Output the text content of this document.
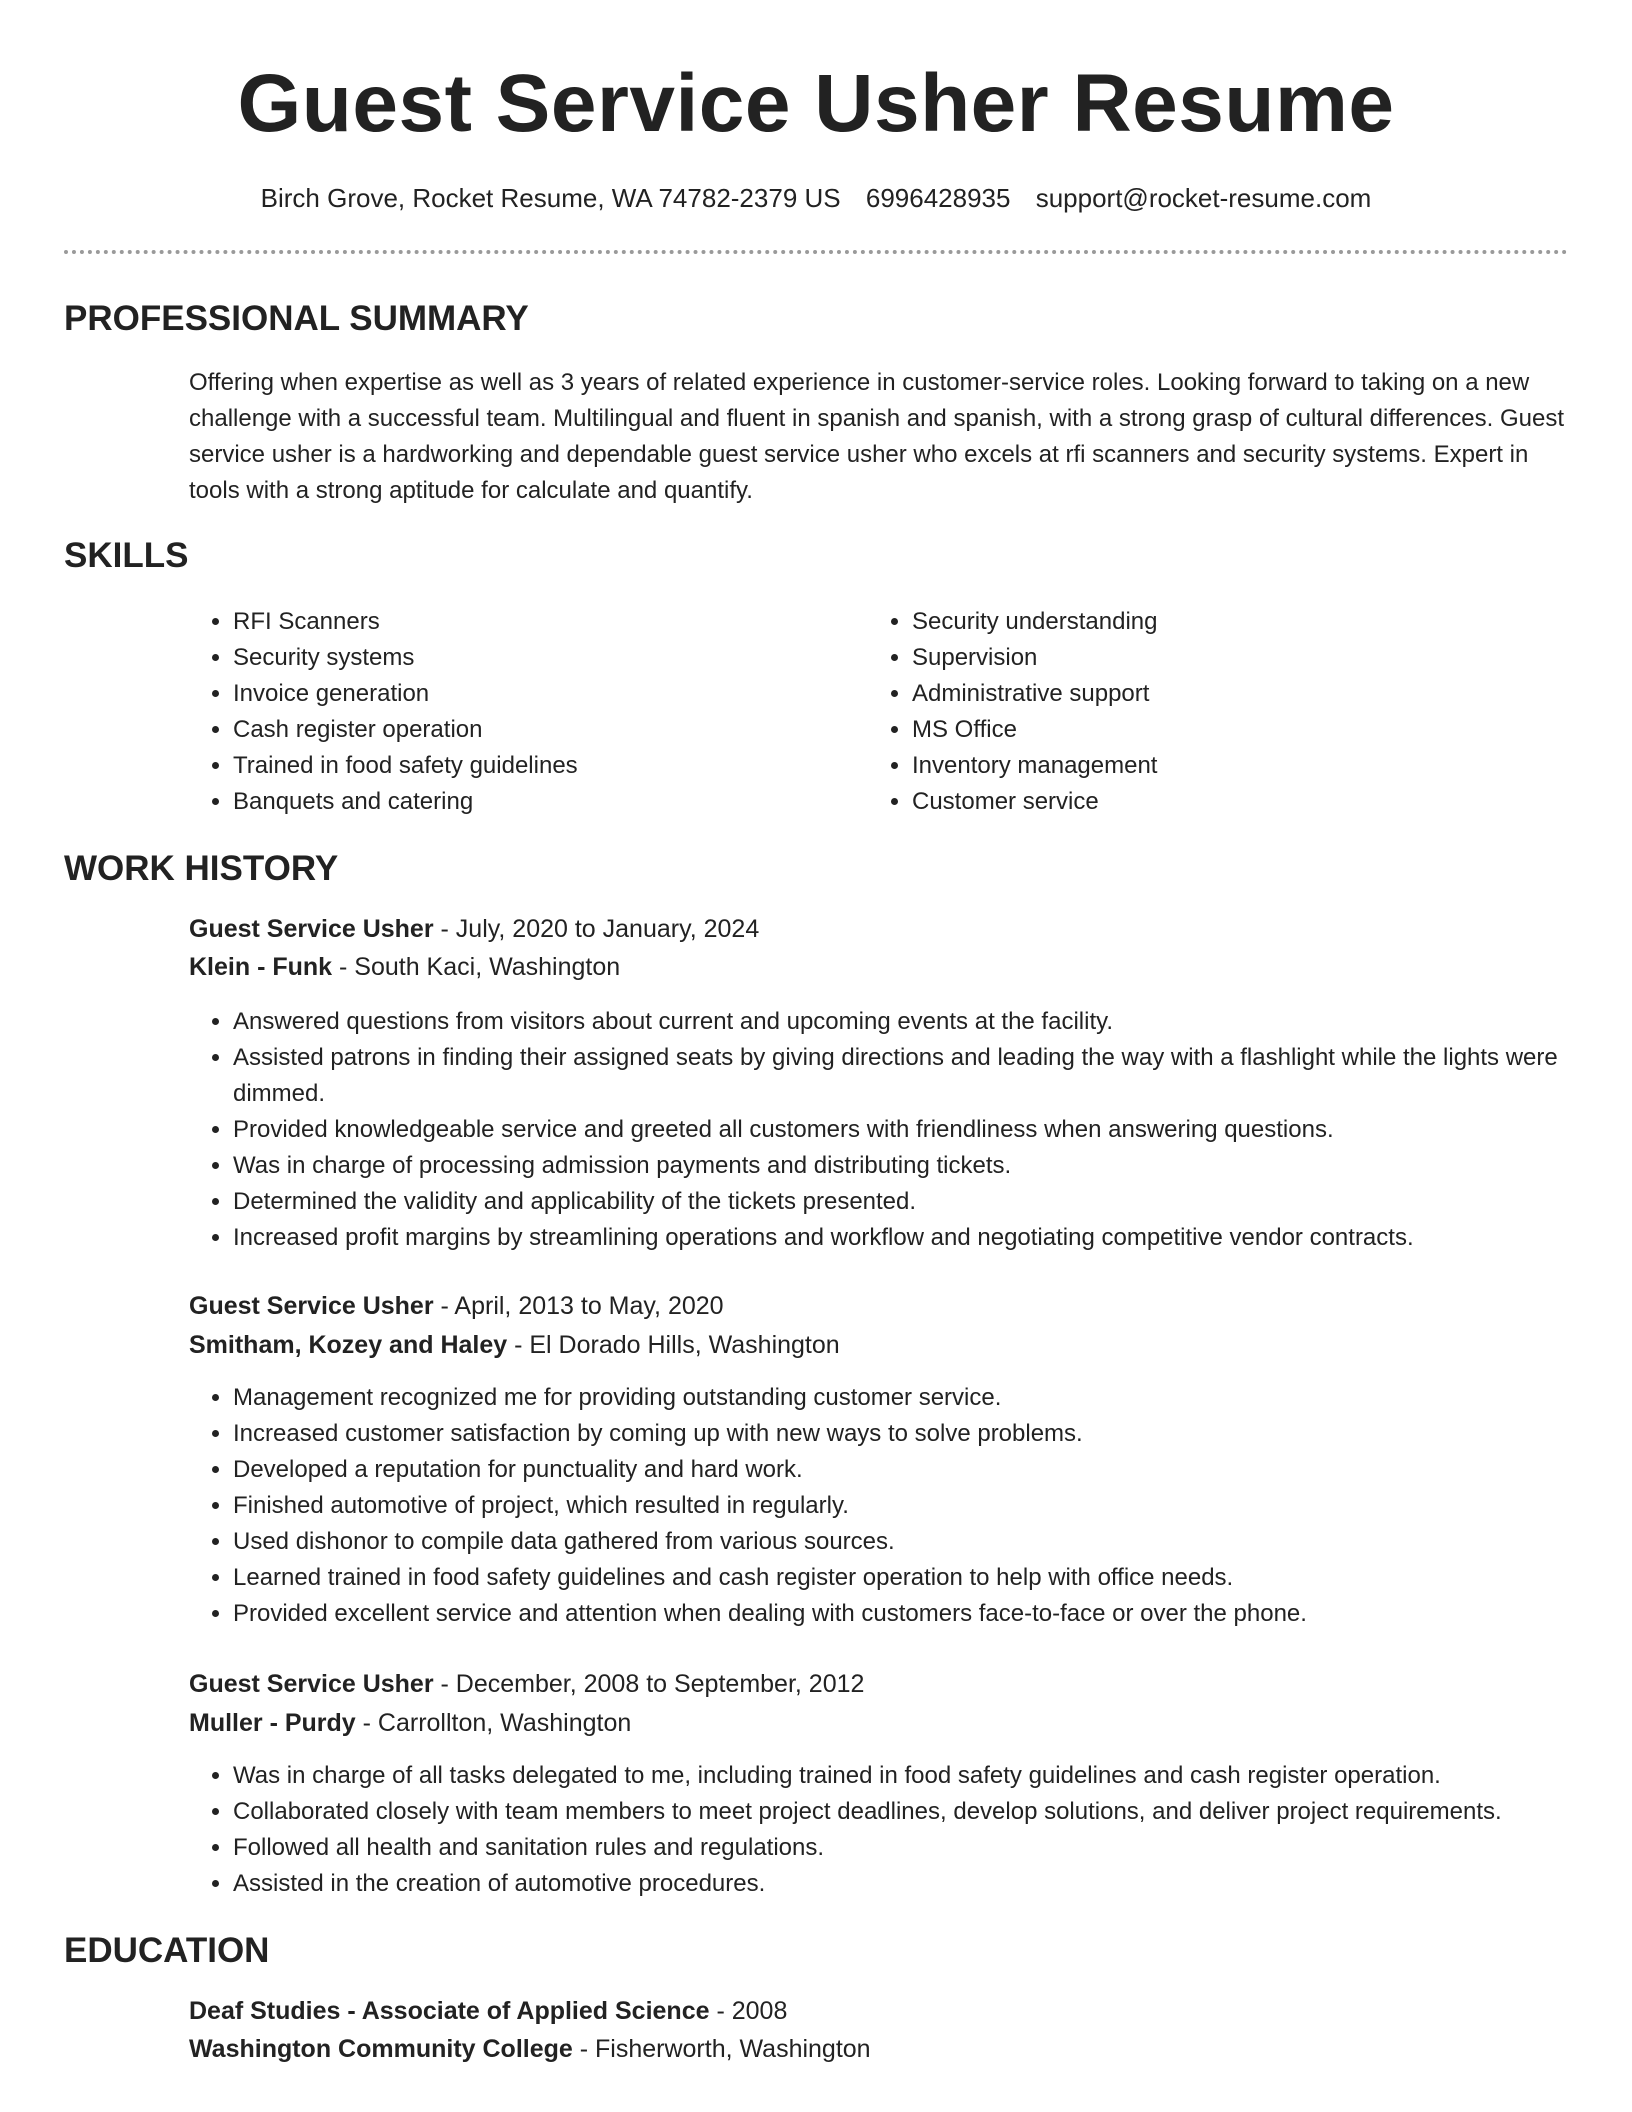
Guest Service Usher Resume
Birch Grove, Rocket Resume, WA 74782-2379 US 6996428935 support@rocket-resume.com
PROFESSIONAL SUMMARY

Offering when expertise as well as 3 years of related experience in customer-service roles. Looking forward to taking on a new challenge with a successful team. Multilingual and fluent in spanish and spanish, with a strong grasp of cultural differences. Guest service usher is a hardworking and dependable guest service usher who excels at rfi scanners and security systems. Expert in tools with a strong aptitude for calculate and quantify.

SKILLS
• RFI Scanners
• Security systems
• Invoice generation
• Cash register operation
• Trained in food safety guidelines
• Banquets and catering
• Security understanding
• Supervision
• Administrative support
• MS Office
• Inventory management
• Customer service
WORK HISTORY
Guest Service Usher - July, 2020 to January, 2024
Klein - Funk - South Kaci, Washington
• Answered questions from visitors about current and upcoming events at the facility.
• Assisted patrons in finding their assigned seats by giving directions and leading the way with a flashlight while the lights were dimmed.
• Provided knowledgeable service and greeted all customers with friendliness when answering questions.
• Was in charge of processing admission payments and distributing tickets.
• Determined the validity and applicability of the tickets presented.
• Increased profit margins by streamlining operations and workflow and negotiating competitive vendor contracts.
Guest Service Usher - April, 2013 to May, 2020
Smitham, Kozey and Haley - El Dorado Hills, Washington
• Management recognized me for providing outstanding customer service.
• Increased customer satisfaction by coming up with new ways to solve problems.
• Developed a reputation for punctuality and hard work.
• Finished automotive of project, which resulted in regularly.
• Used dishonor to compile data gathered from various sources.
• Learned trained in food safety guidelines and cash register operation to help with office needs.
• Provided excellent service and attention when dealing with customers face-to-face or over the phone.
Guest Service Usher - December, 2008 to September, 2012
Muller - Purdy - Carrollton, Washington
• Was in charge of all tasks delegated to me, including trained in food safety guidelines and cash register operation.
• Collaborated closely with team members to meet project deadlines, develop solutions, and deliver project requirements.
• Followed all health and sanitation rules and regulations.
• Assisted in the creation of automotive procedures.
EDUCATION
Deaf Studies - Associate of Applied Science - 2008
Washington Community College - Fisherworth, Washington
